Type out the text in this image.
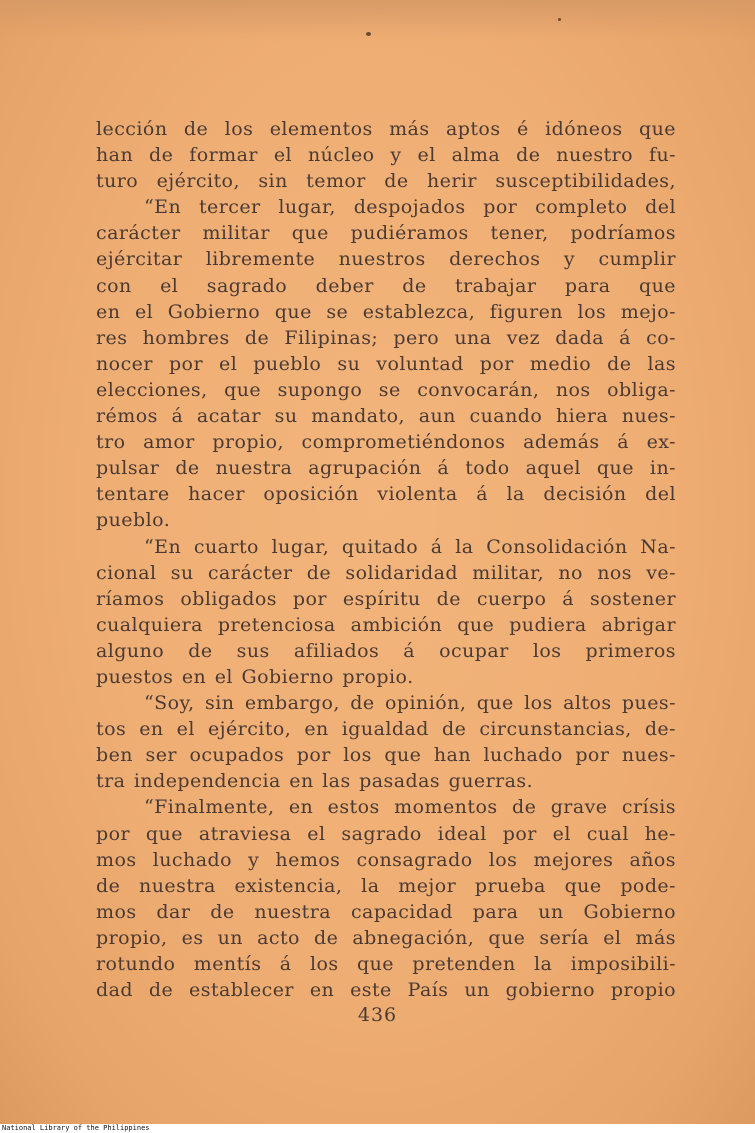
lección de los elementos más aptos é idóneos que
han de formar el núcleo y el alma de nuestro fu-
turo ejército, sin temor de herir susceptibilidades,
“En tercer lugar, despojados por completo del
carácter militar que pudiéramos tener, podríamos
ejércitar libremente nuestros derechos y cumplir
con el sagrado deber de trabajar para que
en el Gobierno que se establezca, figuren los mejo-
res hombres de Filipinas; pero una vez dada á co-
nocer por el pueblo su voluntad por medio de las
elecciones, que supongo se convocarán, nos obliga-
rémos á acatar su mandato, aun cuando hiera nues-
tro amor propio, comprometiéndonos además á ex-
pulsar de nuestra agrupación á todo aquel que in-
tentare hacer oposición violenta á la decisión del
pueblo.
“En cuarto lugar, quitado á la Consolidación Na-
cional su carácter de solidaridad militar, no nos ve-
ríamos obligados por espíritu de cuerpo á sostener
cualquiera pretenciosa ambición que pudiera abrigar
alguno de sus afiliados á ocupar los primeros
puestos en el Gobierno propio.
“Soy, sin embargo, de opinión, que los altos pues-
tos en el ejército, en igualdad de circunstancias, de-
ben ser ocupados por los que han luchado por nues-
tra independencia en las pasadas guerras.
“Finalmente, en estos momentos de grave crísis
por que atraviesa el sagrado ideal por el cual he-
mos luchado y hemos consagrado los mejores años
de nuestra existencia, la mejor prueba que pode-
mos dar de nuestra capacidad para un Gobierno
propio, es un acto de abnegación, que sería el más
rotundo mentís á los que pretenden la imposibili-
dad de establecer en este País un gobierno propio
436
National Library of the Philippines
